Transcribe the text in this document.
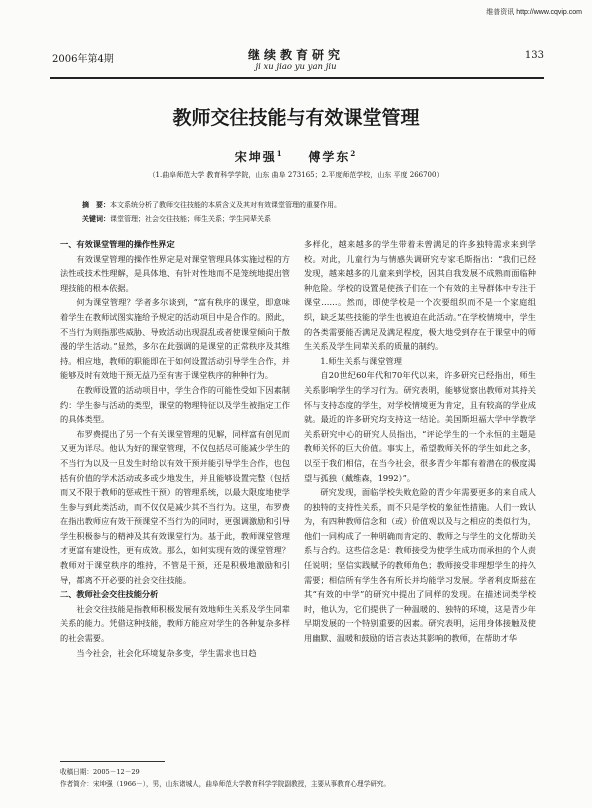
维普资讯 http://www.cqvip.com
2006年第4期	继续教育研究
ji xu jiao yu yan jiu
133
教师交往技能与有效课堂管理
宋坤强$^1$ 傅学东$^2$
（1.曲阜师范大学 教育科学学院，山东 曲阜 273165；2.平度师范学校，山东 平度 266700）
摘　要：本文系统分析了教师交往技能的本质含义及其对有效课堂管理的重要作用。
关键词：课堂管理；社会交往技能；师生关系；学生同辈关系
一、有效课堂管理的操作性界定

有效课堂管理的操作性界定是对课堂管理具体实施过程的方法性或技术性理解，是具体地、有针对性地而不是笼统地提出管理技能的根本依据。

何为课堂管理？学者多尔谈到，“富有秩序的课堂，即意味着学生在教师试图实施给予规定的活动项目中是合作的。照此，不当行为则指那些威胁、导致活动出现混乱或者使课堂倾向于散漫的学生活动。”显然，多尔在此强调的是课堂的正常秩序及其维持。相应地，教师的职能即在于如何设置活动引导学生合作，并能够及时有效地干预无益乃至有害于课堂秩序的种种行为。

在教师设置的活动项目中，学生合作的可能性受如下因素制约：学生参与活动的类型，课堂的物理特征以及学生被指定工作的具体类型。

布罗费提出了另一个有关课堂管理的见解，同样富有创见而又更为详尽。他认为好的课堂管理，不仅包括尽可能减少学生的不当行为以及一旦发生时给以有效干预并能引导学生合作，也包括有价值的学术活动或多或少地发生，并且能够设置完整（包括而又不限于教师的惩戒性干预）的管理系统，以最大限度地使学生参与到此类活动，而不仅仅是减少其不当行为。这里，布罗费在指出教师应有效干预课堂不当行为的同时，更强调激励和引导学生积极参与的精神及其有效课堂行为。基于此，教师课堂管理才更富有建设性，更有成效。那么，如何实现有效的课堂管理？教师对于课堂秩序的维持，不管是干预，还是积极地激励和引导，都离不开必要的社会交往技能。

二、教师社会交往技能分析

社会交往技能是指教师积极发展有效地师生关系及学生同辈关系的能力。凭借这种技能，教师方能应对学生的各种复杂多样的社会需要。

当今社会，社会化环境复杂多变，学生需求也日趋

多样化，越来越多的学生带着未曾满足的许多独特需求来到学校。对此，儿童行为与情感失调研究专家毛斯指出：“我们已经发现，越来越多的儿童来到学校，因其自我发展不成熟而面临种种危险。学校的设置是使孩子们在一个有效的主导群体中专注于课堂……。然而，即使学校是一个次要组织而不是一个家庭组织，缺乏某些技能的学生也被迫在此活动。”在学校情境中，学生的各类需要能否满足及满足程度，极大地受到存在于课堂中的师生关系及学生同辈关系的质量的制约。

1.师生关系与课堂管理

自20世纪60年代和70年代以来，许多研究已经指出，师生关系影响学生的学习行为。研究表明，能够觉察出教师对其持关怀与支持态度的学生，对学校情境更为肯定，且有较高的学业成就。最近的许多研究均支持这一结论。美国斯坦福大学中学教学关系研究中心的研究人员指出，“评论学生的一个永恒的主题是教师关怀的巨大价值。事实上，希望教师关怀的学生如此之多，以至于我们相信，在当今社会，很多青少年都有着潜在的极度渴望与孤独（戴维森，1992）”。

研究发现，面临学校失败危险的青少年需要更多的来自成人的独特的支持性关系，而不只是学校的象征性措施。人们一致认为，有四种教师信念和（或）价值观以及与之相应的类似行为，他们一同构成了一种明确而肯定的、教师之与学生的文化帮助关系与合约。这些信念是：教师接受为使学生成功而承担的个人责任说明；坚信实践赋予的教师角色；教师接受非理想学生的持久需要；相信所有学生各有所长并均能学习发展。学者利皮斯兹在其“有效的中学”的研究中提出了同样的发现。在描述词类学校时，他认为，它们提供了一种温暖的、独特的环境，这是青少年早期发展的一个特别重要的因素。研究表明，运用身体接触及使用幽默、温暖和鼓励的语言表达其影响的教师，在帮助才华

收稿日期：2005－12－29
作者简介：宋坤强（1966－），男，山东诸城人，曲阜师范大学教育科学学院副教授，主要从事教育心理学研究。
